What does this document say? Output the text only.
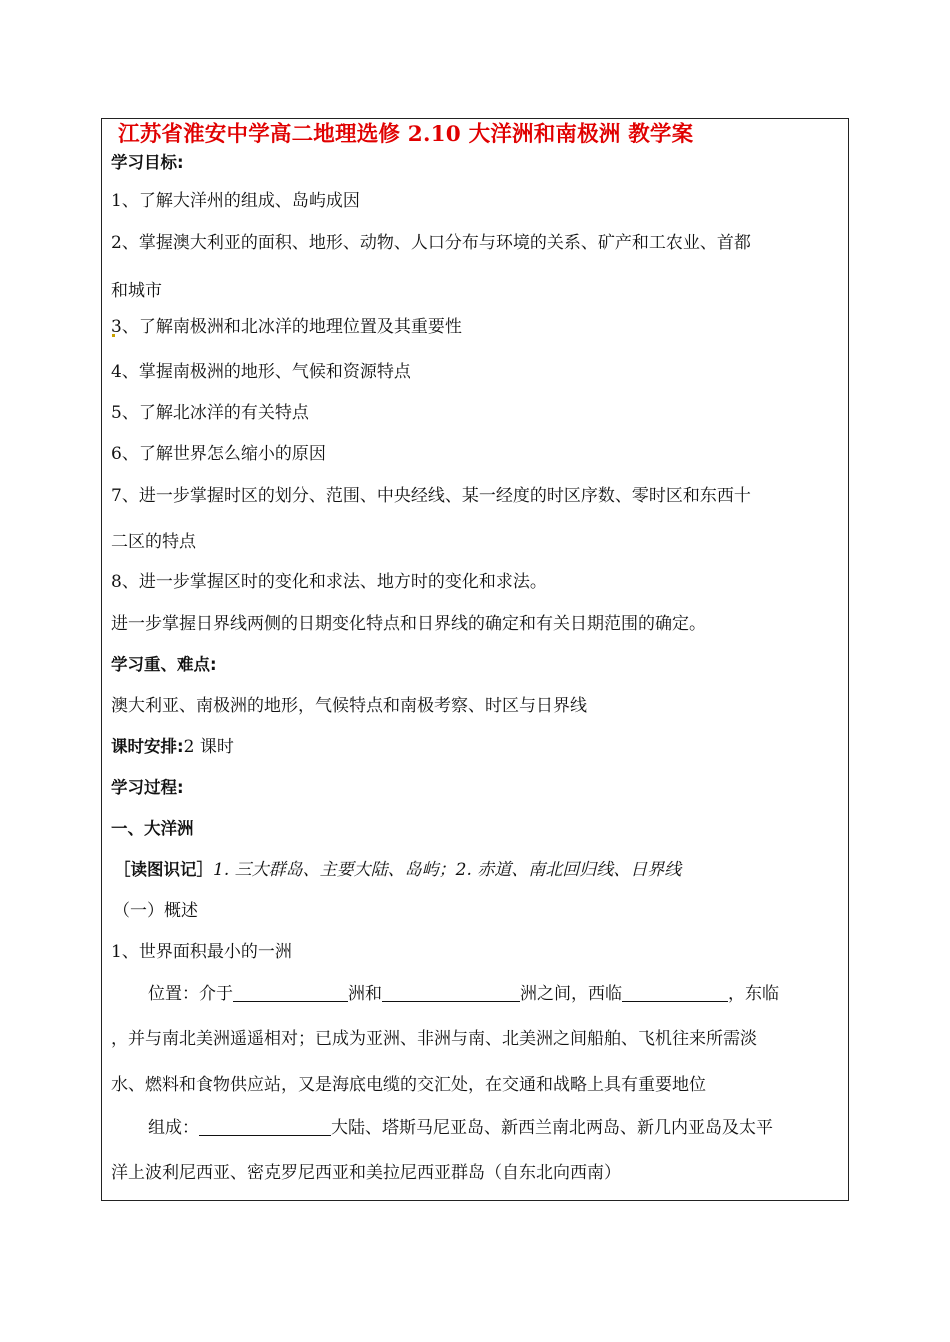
江苏省淮安中学高二地理选修 2.10 大洋洲和南极洲 教学案
学习目标:
1、了解大洋州的组成、岛屿成因
2、掌握澳大利亚的面积、地形、动物、人口分布与环境的关系、矿产和工农业、首都
和城市
3、了解南极洲和北冰洋的地理位置及其重要性
4、掌握南极洲的地形、气候和资源特点
5、了解北冰洋的有关特点
6、了解世界怎么缩小的原因
7、进一步掌握时区的划分、范围、中央经线、某一经度的时区序数、零时区和东西十
二区的特点
8、进一步掌握区时的变化和求法、地方时的变化和求法。
进一步掌握日界线两侧的日期变化特点和日界线的确定和有关日期范围的确定。
学习重、难点:
澳大利亚、南极洲的地形，气候特点和南极考察、时区与日界线
课时安排:2 课时
学习过程:
一、大洋洲
［读图识记］1. 三大群岛、主要大陆、岛屿；2. 赤道、南北回归线、日界线
（一）概述
1、世界面积最小的一洲
位置：介于	洲和	洲之间，西临	，东临
，并与南北美洲遥遥相对；已成为亚洲、非洲与南、北美洲之间船舶、飞机往来所需淡
水、燃料和食物供应站，又是海底电缆的交汇处，在交通和战略上具有重要地位
组成：	大陆、塔斯马尼亚岛、新西兰南北两岛、新几内亚岛及太平
洋上波利尼西亚、密克罗尼西亚和美拉尼西亚群岛（自东北向西南）
